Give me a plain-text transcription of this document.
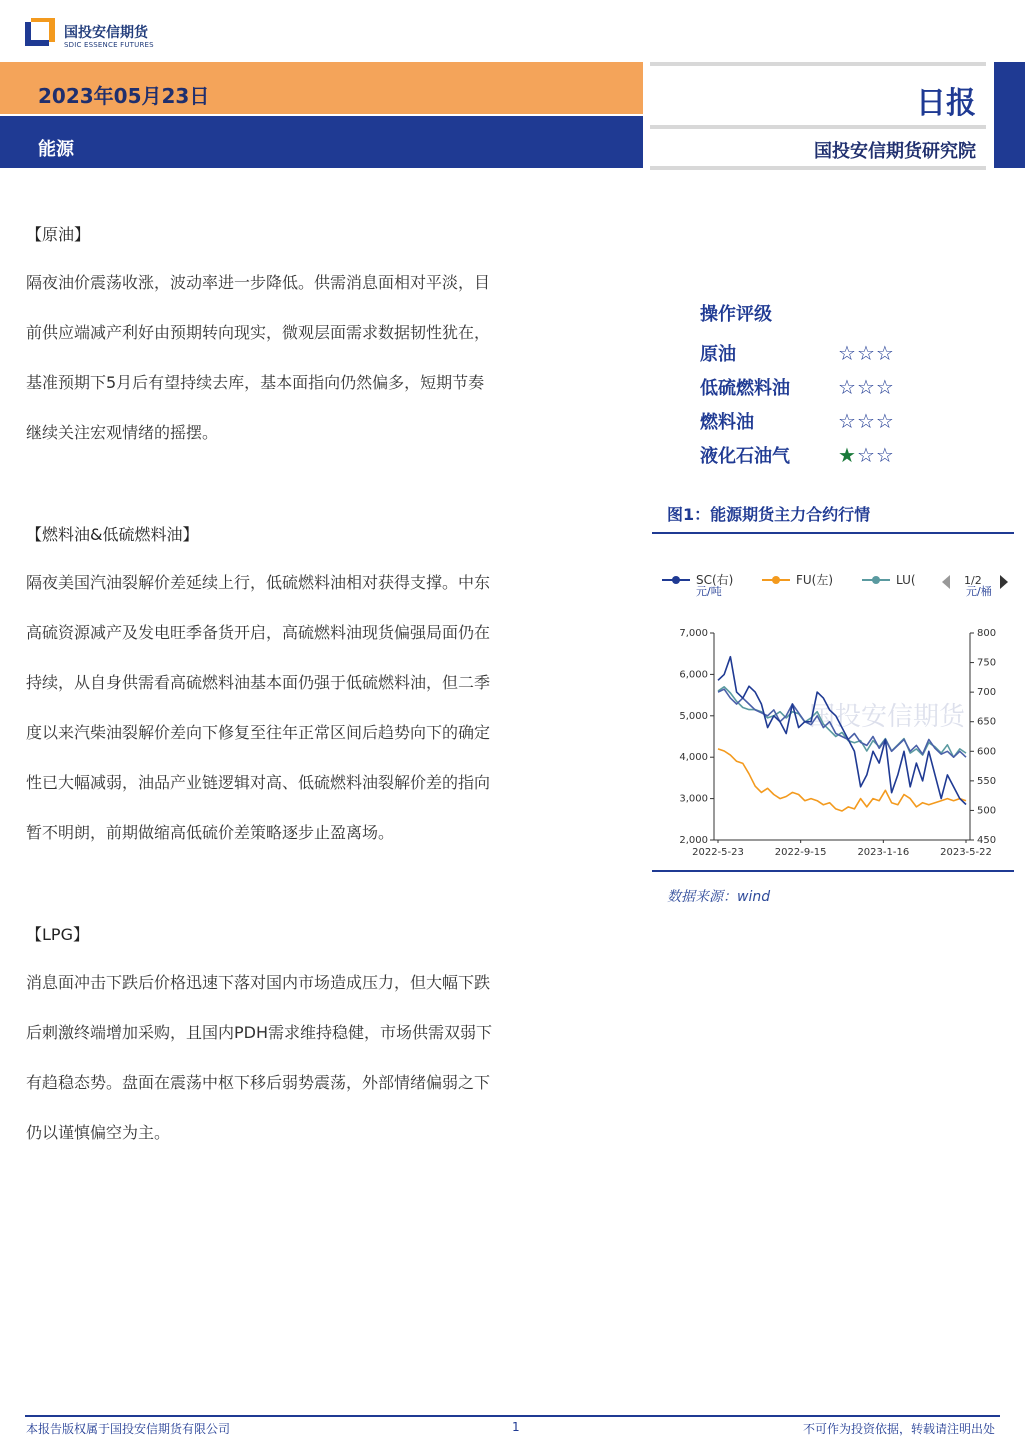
国投安信期货
SDIC ESSENCE FUTURES
2023年05月23日
能源
日报
国投安信期货研究院
【原油】

隔夜油价震荡收涨，波动率进一步降低。供需消息面相对平淡，目

前供应端减产利好由预期转向现实，微观层面需求数据韧性犹在，

基准预期下5月后有望持续去库，基本面指向仍然偏多，短期节奏

继续关注宏观情绪的摇摆。

【燃料油&低硫燃料油】

隔夜美国汽油裂解价差延续上行，低硫燃料油相对获得支撑。中东

高硫资源减产及发电旺季备货开启，高硫燃料油现货偏强局面仍在

持续，从自身供需看高硫燃料油基本面仍强于低硫燃料油，但二季

度以来汽柴油裂解价差向下修复至往年正常区间后趋势向下的确定

性已大幅减弱，油品产业链逻辑对高、低硫燃料油裂解价差的指向

暂不明朗，前期做缩高低硫价差策略逐步止盈离场。

【LPG】

消息面冲击下跌后价格迅速下落对国内市场造成压力，但大幅下跌

后刺激终端增加采购，且国内PDH需求维持稳健，市场供需双弱下

有趋稳态势。盘面在震荡中枢下移后弱势震荡，外部情绪偏弱之下

仍以谨慎偏空为主。

操作评级
原油	☆☆☆
低硫燃料油	☆☆☆
燃料油	☆☆☆
液化石油气	★☆☆
图1：能源期货主力合约行情
国投安信期货
SC(右)	FU(左)	LU(	1/2
元/吨	元/桶
7,000
6,000
5,000
4,000
3,000
2,000
800
750
700
650
600
550
500
450
2022-5-23	2022-9-15	2023-1-16	2023-5-22
数据来源：wind
本报告版权属于国投安信期货有限公司	1	不可作为投资依据，转载请注明出处
